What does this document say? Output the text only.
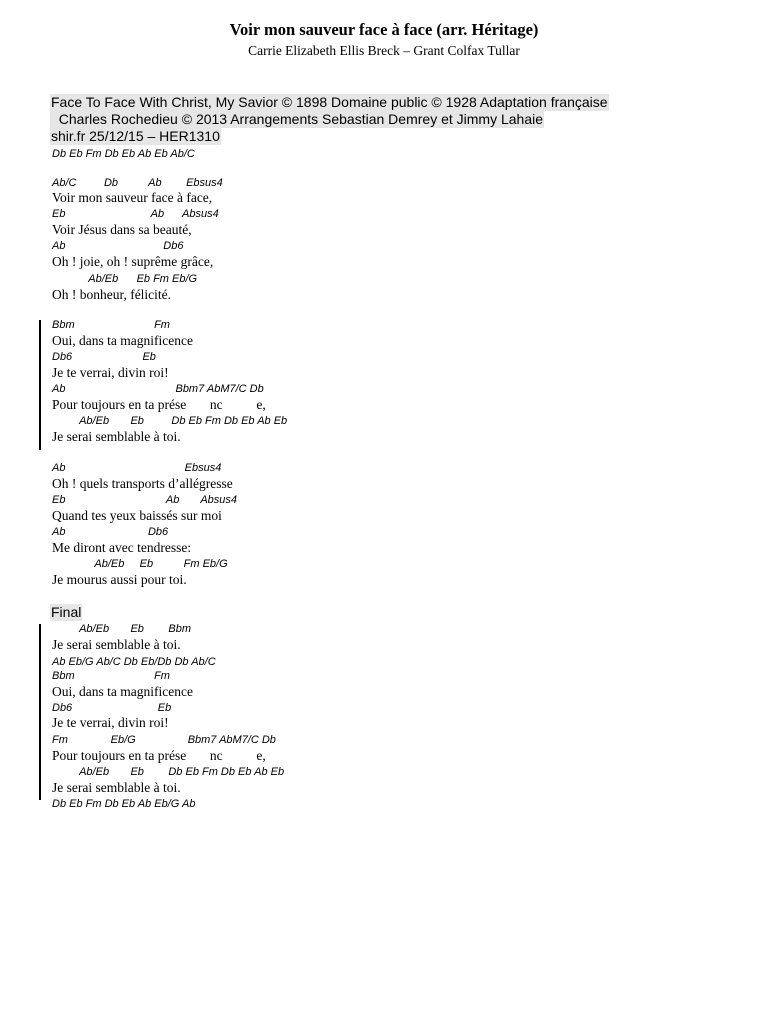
Voir mon sauveur face à face (arr. Héritage)
Carrie Elizabeth Ellis Breck – Grant Colfax Tullar
Face To Face With Christ, My Savior © 1898 Domaine public © 1928 Adaptation française
Charles Rochedieu © 2013 Arrangements Sebastian Demrey et Jimmy Lahaie
shir.fr 25/12/15 – HER1310
Db Eb Fm Db Eb Ab Eb Ab/C
Ab/C         Db          Ab        Ebsus4
Voir mon sauveur face à face,
Eb                            Ab      Absus4
Voir Jésus dans sa beauté,
Ab                                Db6
Oh ! joie, oh ! suprême grâce,
Ab/Eb      Eb Fm Eb/G
Oh ! bonheur, félicité.
Bbm                          Fm
Oui, dans ta magnificence
Db6                       Eb
Je te verrai, divin roi!
Ab                                    Bbm7 AbM7/C Db
Pour toujours en ta prése       nc          e,
Ab/Eb       Eb         Db Eb Fm Db Eb Ab Eb
Je serai semblable à toi.
Ab                                       Ebsus4
Oh ! quels transports d’allégresse
Eb                                 Ab       Absus4
Quand tes yeux baissés sur moi
Ab                           Db6
Me diront avec tendresse:
Ab/Eb     Eb          Fm Eb/G
Je mourus aussi pour toi.
Final
Ab/Eb       Eb        Bbm
Je serai semblable à toi.
Ab Eb/G Ab/C Db Eb/Db Db Ab/C
Bbm                          Fm
Oui, dans ta magnificence
Db6                            Eb
Je te verrai, divin roi!
Fm              Eb/G                 Bbm7 AbM7/C Db
Pour toujours en ta prése       nc          e,
Ab/Eb       Eb        Db Eb Fm Db Eb Ab Eb
Je serai semblable à toi.
Db Eb Fm Db Eb Ab Eb/G Ab
